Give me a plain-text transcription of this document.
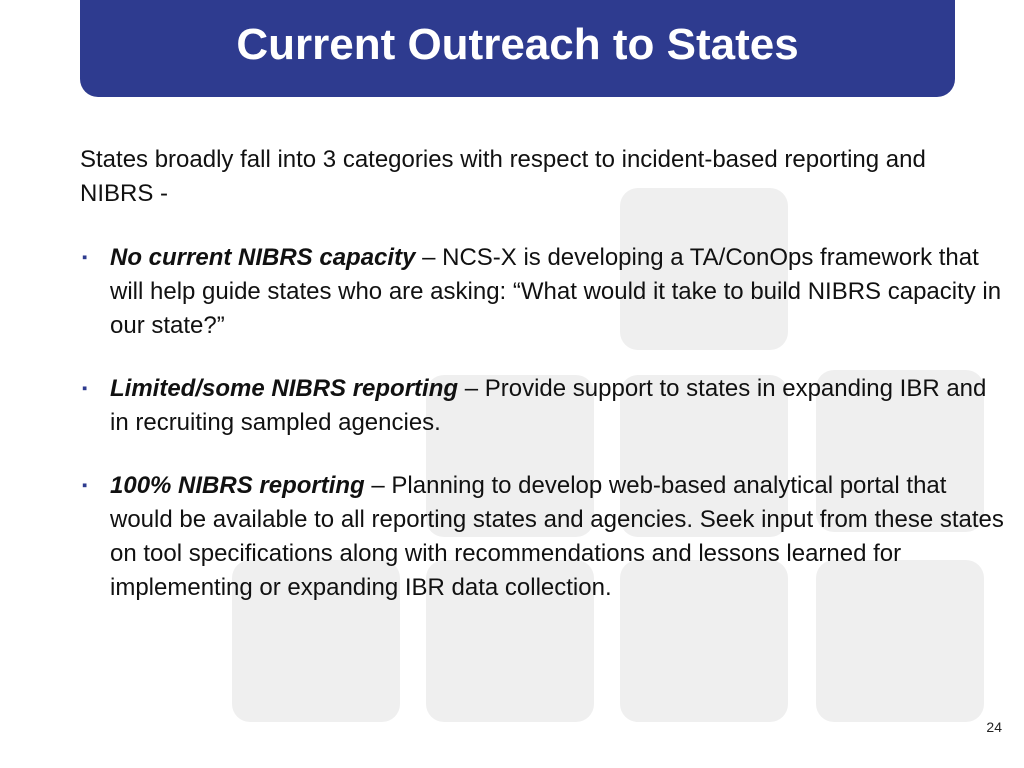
Current Outreach to States

States broadly fall into 3 categories with respect to incident-based reporting and NIBRS -

▪ No current NIBRS capacity – NCS-X is developing a TA/ConOps framework that will help guide states who are asking: “What would it take to build NIBRS capacity in our state?”
▪ Limited/some NIBRS reporting – Provide support to states in expanding IBR and in recruiting sampled agencies.
▪ 100% NIBRS reporting – Planning to develop web-based analytical portal that would be available to all reporting states and agencies. Seek input from these states on tool specifications along with recommendations and lessons learned for implementing or expanding IBR data collection.
24
